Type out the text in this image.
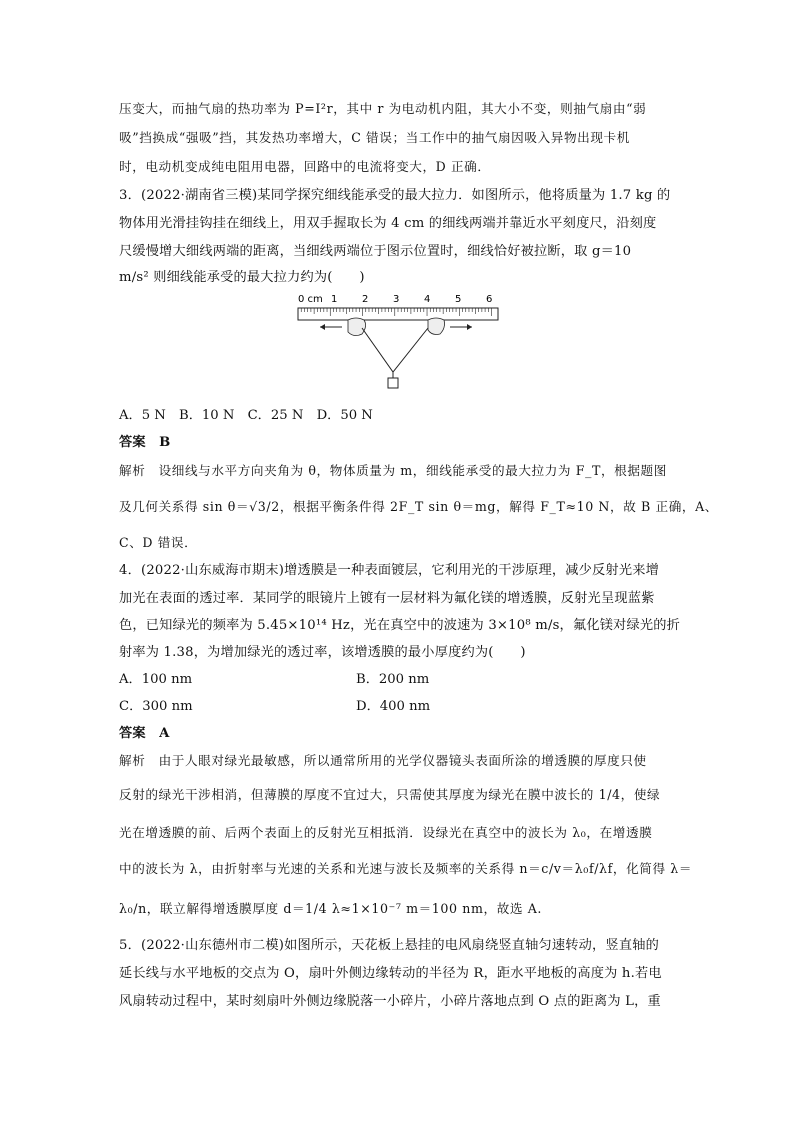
压变大，而抽气扇的热功率为 P=I²r，其中 r 为电动机内阻，其大小不变，则抽气扇由“弱
吸”挡换成“强吸”挡，其发热功率增大，C 错误；当工作中的抽气扇因吸入异物出现卡机
时，电动机变成纯电阻用电器，回路中的电流将变大，D 正确．
3．(2022·湖南省三模)某同学探究细线能承受的最大拉力．如图所示，他将质量为 1.7 kg 的
物体用光滑挂钩挂在细线上，用双手握取长为 4 cm 的细线两端并靠近水平刻度尺，沿刻度
尺缓慢增大细线两端的距离，当细线两端位于图示位置时，细线恰好被拉断，取 g＝10
m/s² 则细线能承受的最大拉力约为(　　)
0 cm 1 2 3 4 5 6
A．5 N　B．10 N　C．25 N　D．50 N
答案　B
解析　设细线与水平方向夹角为 θ，物体质量为 m，细线能承受的最大拉力为 F_T，根据题图
及几何关系得 sin θ＝√3/2，根据平衡条件得 2F_T sin θ＝mg，解得 F_T≈10 N，故 B 正确，A、
C、D 错误．
4．(2022·山东威海市期末)增透膜是一种表面镀层，它利用光的干涉原理，减少反射光来增
加光在表面的透过率．某同学的眼镜片上镀有一层材料为氟化镁的增透膜，反射光呈现蓝紫
色，已知绿光的频率为 5.45×10¹⁴ Hz，光在真空中的波速为 3×10⁸ m/s，氟化镁对绿光的折
射率为 1.38，为增加绿光的透过率，该增透膜的最小厚度约为(　　)
A．100 nm	B．200 nm
C．300 nm	D．400 nm
答案　A
解析　由于人眼对绿光最敏感，所以通常所用的光学仪器镜头表面所涂的增透膜的厚度只使
反射的绿光干涉相消，但薄膜的厚度不宜过大，只需使其厚度为绿光在膜中波长的 1/4，使绿
光在增透膜的前、后两个表面上的反射光互相抵消．设绿光在真空中的波长为 λ₀，在增透膜
中的波长为 λ，由折射率与光速的关系和光速与波长及频率的关系得 n＝c/v＝λ₀f/λf，化简得 λ＝
λ₀/n，联立解得增透膜厚度 d＝1/4 λ≈1×10⁻⁷ m＝100 nm，故选 A.
5．(2022·山东德州市二模)如图所示，天花板上悬挂的电风扇绕竖直轴匀速转动，竖直轴的
延长线与水平地板的交点为 O，扇叶外侧边缘转动的半径为 R，距水平地板的高度为 h.若电
风扇转动过程中，某时刻扇叶外侧边缘脱落一小碎片，小碎片落地点到 O 点的距离为 L，重
